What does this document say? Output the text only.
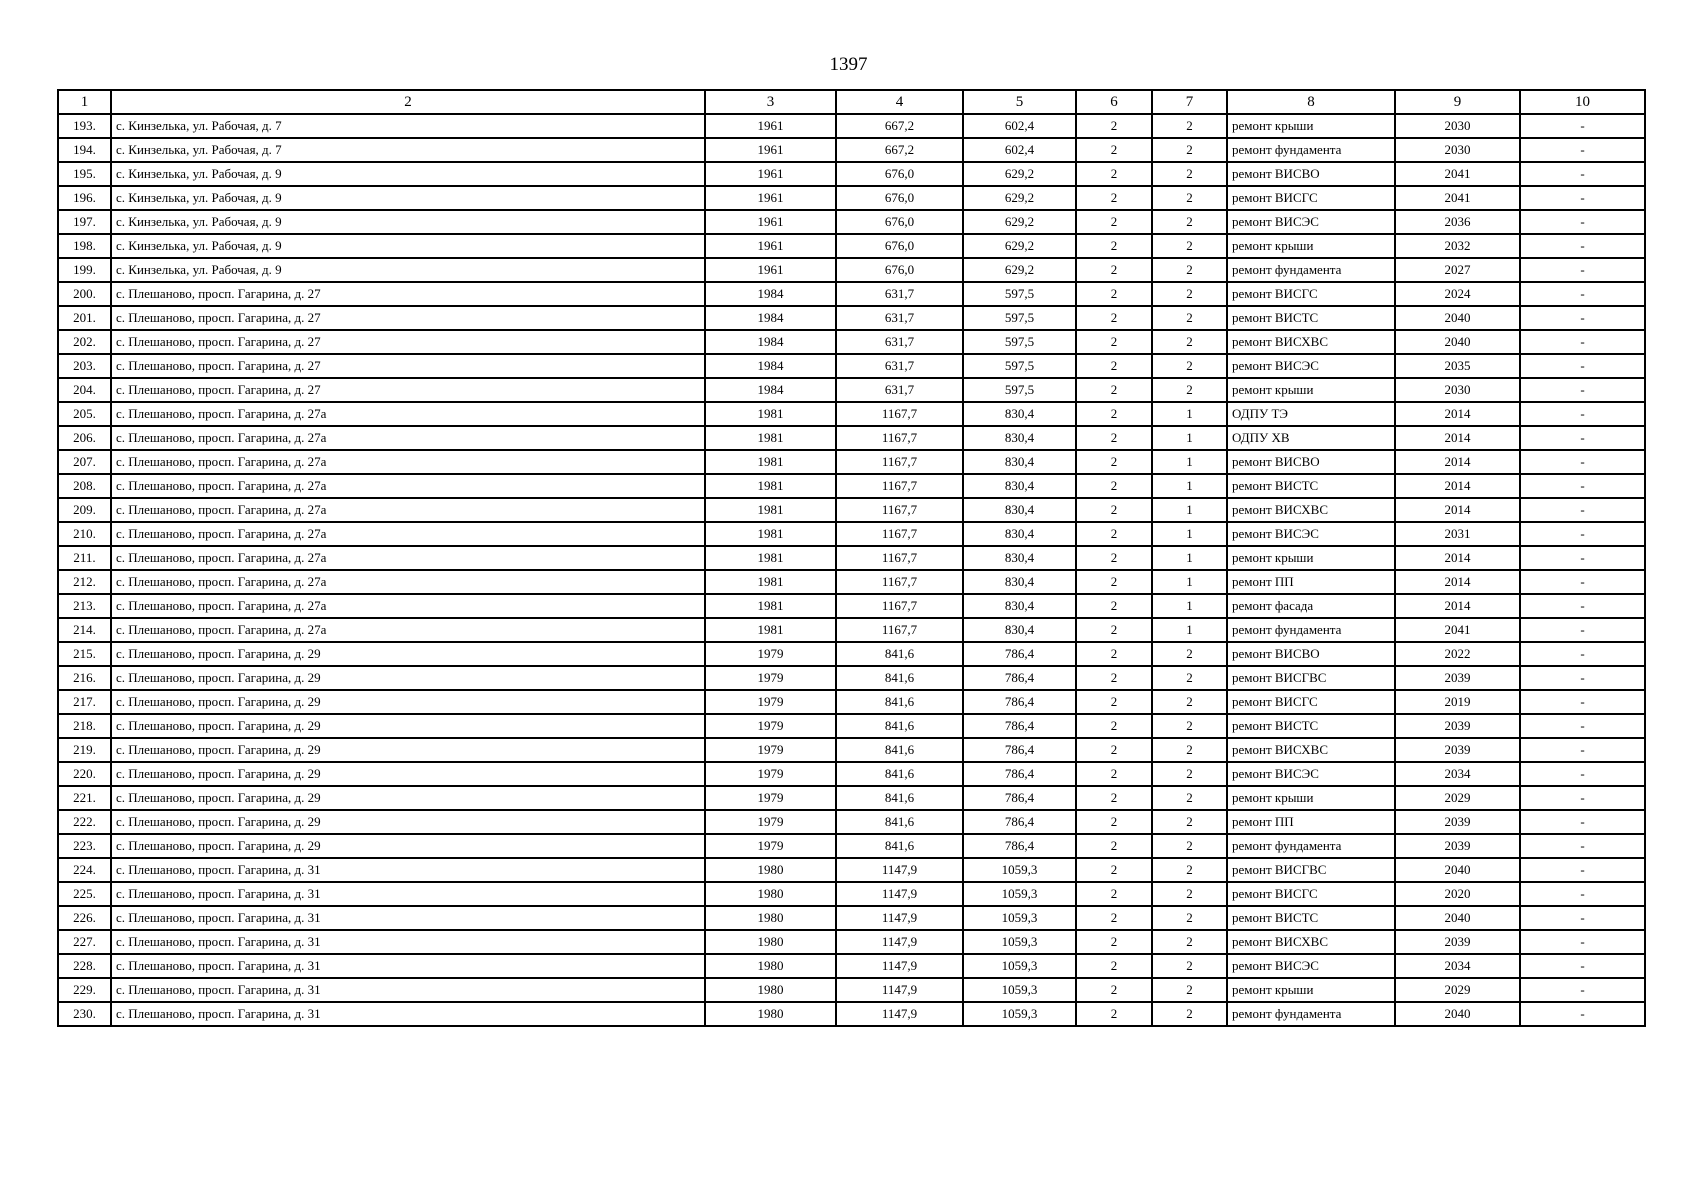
1397
1	2	3	4	5	6	7	8	9	10
193.	с. Кинзелька, ул. Рабочая, д. 7	1961	667,2	602,4	2	2	ремонт крыши	2030	-
194.	с. Кинзелька, ул. Рабочая, д. 7	1961	667,2	602,4	2	2	ремонт фундамента	2030	-
195.	с. Кинзелька, ул. Рабочая, д. 9	1961	676,0	629,2	2	2	ремонт ВИСВО	2041	-
196.	с. Кинзелька, ул. Рабочая, д. 9	1961	676,0	629,2	2	2	ремонт ВИСГС	2041	-
197.	с. Кинзелька, ул. Рабочая, д. 9	1961	676,0	629,2	2	2	ремонт ВИСЭС	2036	-
198.	с. Кинзелька, ул. Рабочая, д. 9	1961	676,0	629,2	2	2	ремонт крыши	2032	-
199.	с. Кинзелька, ул. Рабочая, д. 9	1961	676,0	629,2	2	2	ремонт фундамента	2027	-
200.	с. Плешаново, просп. Гагарина, д. 27	1984	631,7	597,5	2	2	ремонт ВИСГС	2024	-
201.	с. Плешаново, просп. Гагарина, д. 27	1984	631,7	597,5	2	2	ремонт ВИСТС	2040	-
202.	с. Плешаново, просп. Гагарина, д. 27	1984	631,7	597,5	2	2	ремонт ВИСХВС	2040	-
203.	с. Плешаново, просп. Гагарина, д. 27	1984	631,7	597,5	2	2	ремонт ВИСЭС	2035	-
204.	с. Плешаново, просп. Гагарина, д. 27	1984	631,7	597,5	2	2	ремонт крыши	2030	-
205.	с. Плешаново, просп. Гагарина, д. 27а	1981	1167,7	830,4	2	1	ОДПУ ТЭ	2014	-
206.	с. Плешаново, просп. Гагарина, д. 27а	1981	1167,7	830,4	2	1	ОДПУ ХВ	2014	-
207.	с. Плешаново, просп. Гагарина, д. 27а	1981	1167,7	830,4	2	1	ремонт ВИСВО	2014	-
208.	с. Плешаново, просп. Гагарина, д. 27а	1981	1167,7	830,4	2	1	ремонт ВИСТС	2014	-
209.	с. Плешаново, просп. Гагарина, д. 27а	1981	1167,7	830,4	2	1	ремонт ВИСХВС	2014	-
210.	с. Плешаново, просп. Гагарина, д. 27а	1981	1167,7	830,4	2	1	ремонт ВИСЭС	2031	-
211.	с. Плешаново, просп. Гагарина, д. 27а	1981	1167,7	830,4	2	1	ремонт крыши	2014	-
212.	с. Плешаново, просп. Гагарина, д. 27а	1981	1167,7	830,4	2	1	ремонт ПП	2014	-
213.	с. Плешаново, просп. Гагарина, д. 27а	1981	1167,7	830,4	2	1	ремонт фасада	2014	-
214.	с. Плешаново, просп. Гагарина, д. 27а	1981	1167,7	830,4	2	1	ремонт фундамента	2041	-
215.	с. Плешаново, просп. Гагарина, д. 29	1979	841,6	786,4	2	2	ремонт ВИСВО	2022	-
216.	с. Плешаново, просп. Гагарина, д. 29	1979	841,6	786,4	2	2	ремонт ВИСГВС	2039	-
217.	с. Плешаново, просп. Гагарина, д. 29	1979	841,6	786,4	2	2	ремонт ВИСГС	2019	-
218.	с. Плешаново, просп. Гагарина, д. 29	1979	841,6	786,4	2	2	ремонт ВИСТС	2039	-
219.	с. Плешаново, просп. Гагарина, д. 29	1979	841,6	786,4	2	2	ремонт ВИСХВС	2039	-
220.	с. Плешаново, просп. Гагарина, д. 29	1979	841,6	786,4	2	2	ремонт ВИСЭС	2034	-
221.	с. Плешаново, просп. Гагарина, д. 29	1979	841,6	786,4	2	2	ремонт крыши	2029	-
222.	с. Плешаново, просп. Гагарина, д. 29	1979	841,6	786,4	2	2	ремонт ПП	2039	-
223.	с. Плешаново, просп. Гагарина, д. 29	1979	841,6	786,4	2	2	ремонт фундамента	2039	-
224.	с. Плешаново, просп. Гагарина, д. 31	1980	1147,9	1059,3	2	2	ремонт ВИСГВС	2040	-
225.	с. Плешаново, просп. Гагарина, д. 31	1980	1147,9	1059,3	2	2	ремонт ВИСГС	2020	-
226.	с. Плешаново, просп. Гагарина, д. 31	1980	1147,9	1059,3	2	2	ремонт ВИСТС	2040	-
227.	с. Плешаново, просп. Гагарина, д. 31	1980	1147,9	1059,3	2	2	ремонт ВИСХВС	2039	-
228.	с. Плешаново, просп. Гагарина, д. 31	1980	1147,9	1059,3	2	2	ремонт ВИСЭС	2034	-
229.	с. Плешаново, просп. Гагарина, д. 31	1980	1147,9	1059,3	2	2	ремонт крыши	2029	-
230.	с. Плешаново, просп. Гагарина, д. 31	1980	1147,9	1059,3	2	2	ремонт фундамента	2040	-
